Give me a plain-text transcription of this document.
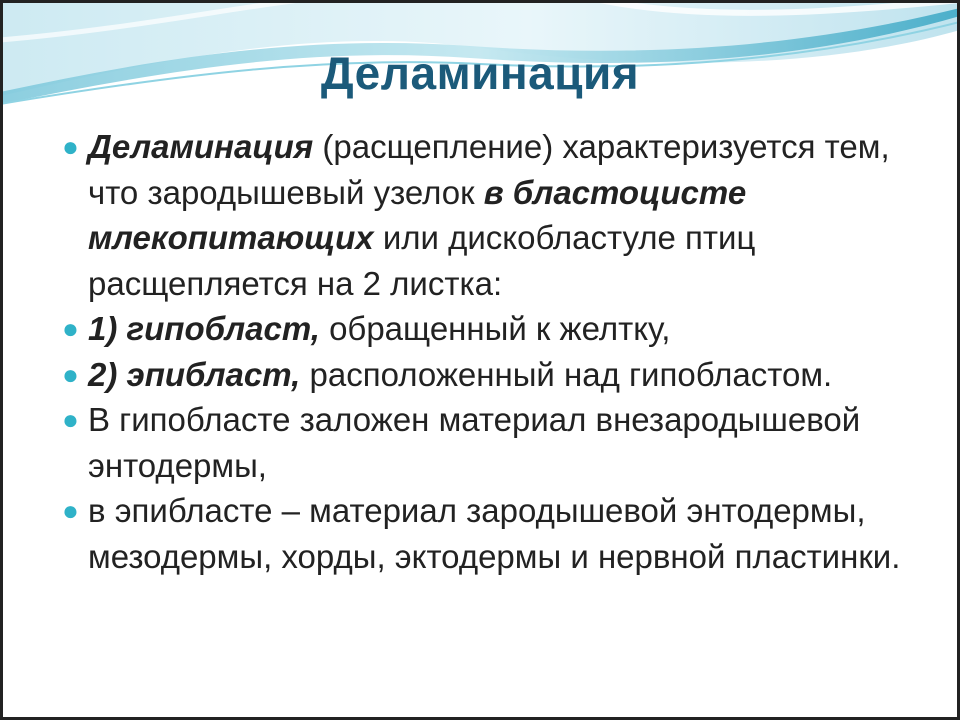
Деламинация
● Деламинация (расщепление) характеризуется тем, что зародышевый узелок в бластоцисте млекопитающих или дискобластуле птиц расщепляется на 2 листка:
● 1) гипобласт, обращенный к желтку,
● 2) эпибласт, расположенный над гипобластом.
● В гипобласте заложен материал внезародышевой энтодермы,
● в эпибласте – материал зародышевой энтодермы, мезодермы, хорды, эктодермы и нервной пластинки.
